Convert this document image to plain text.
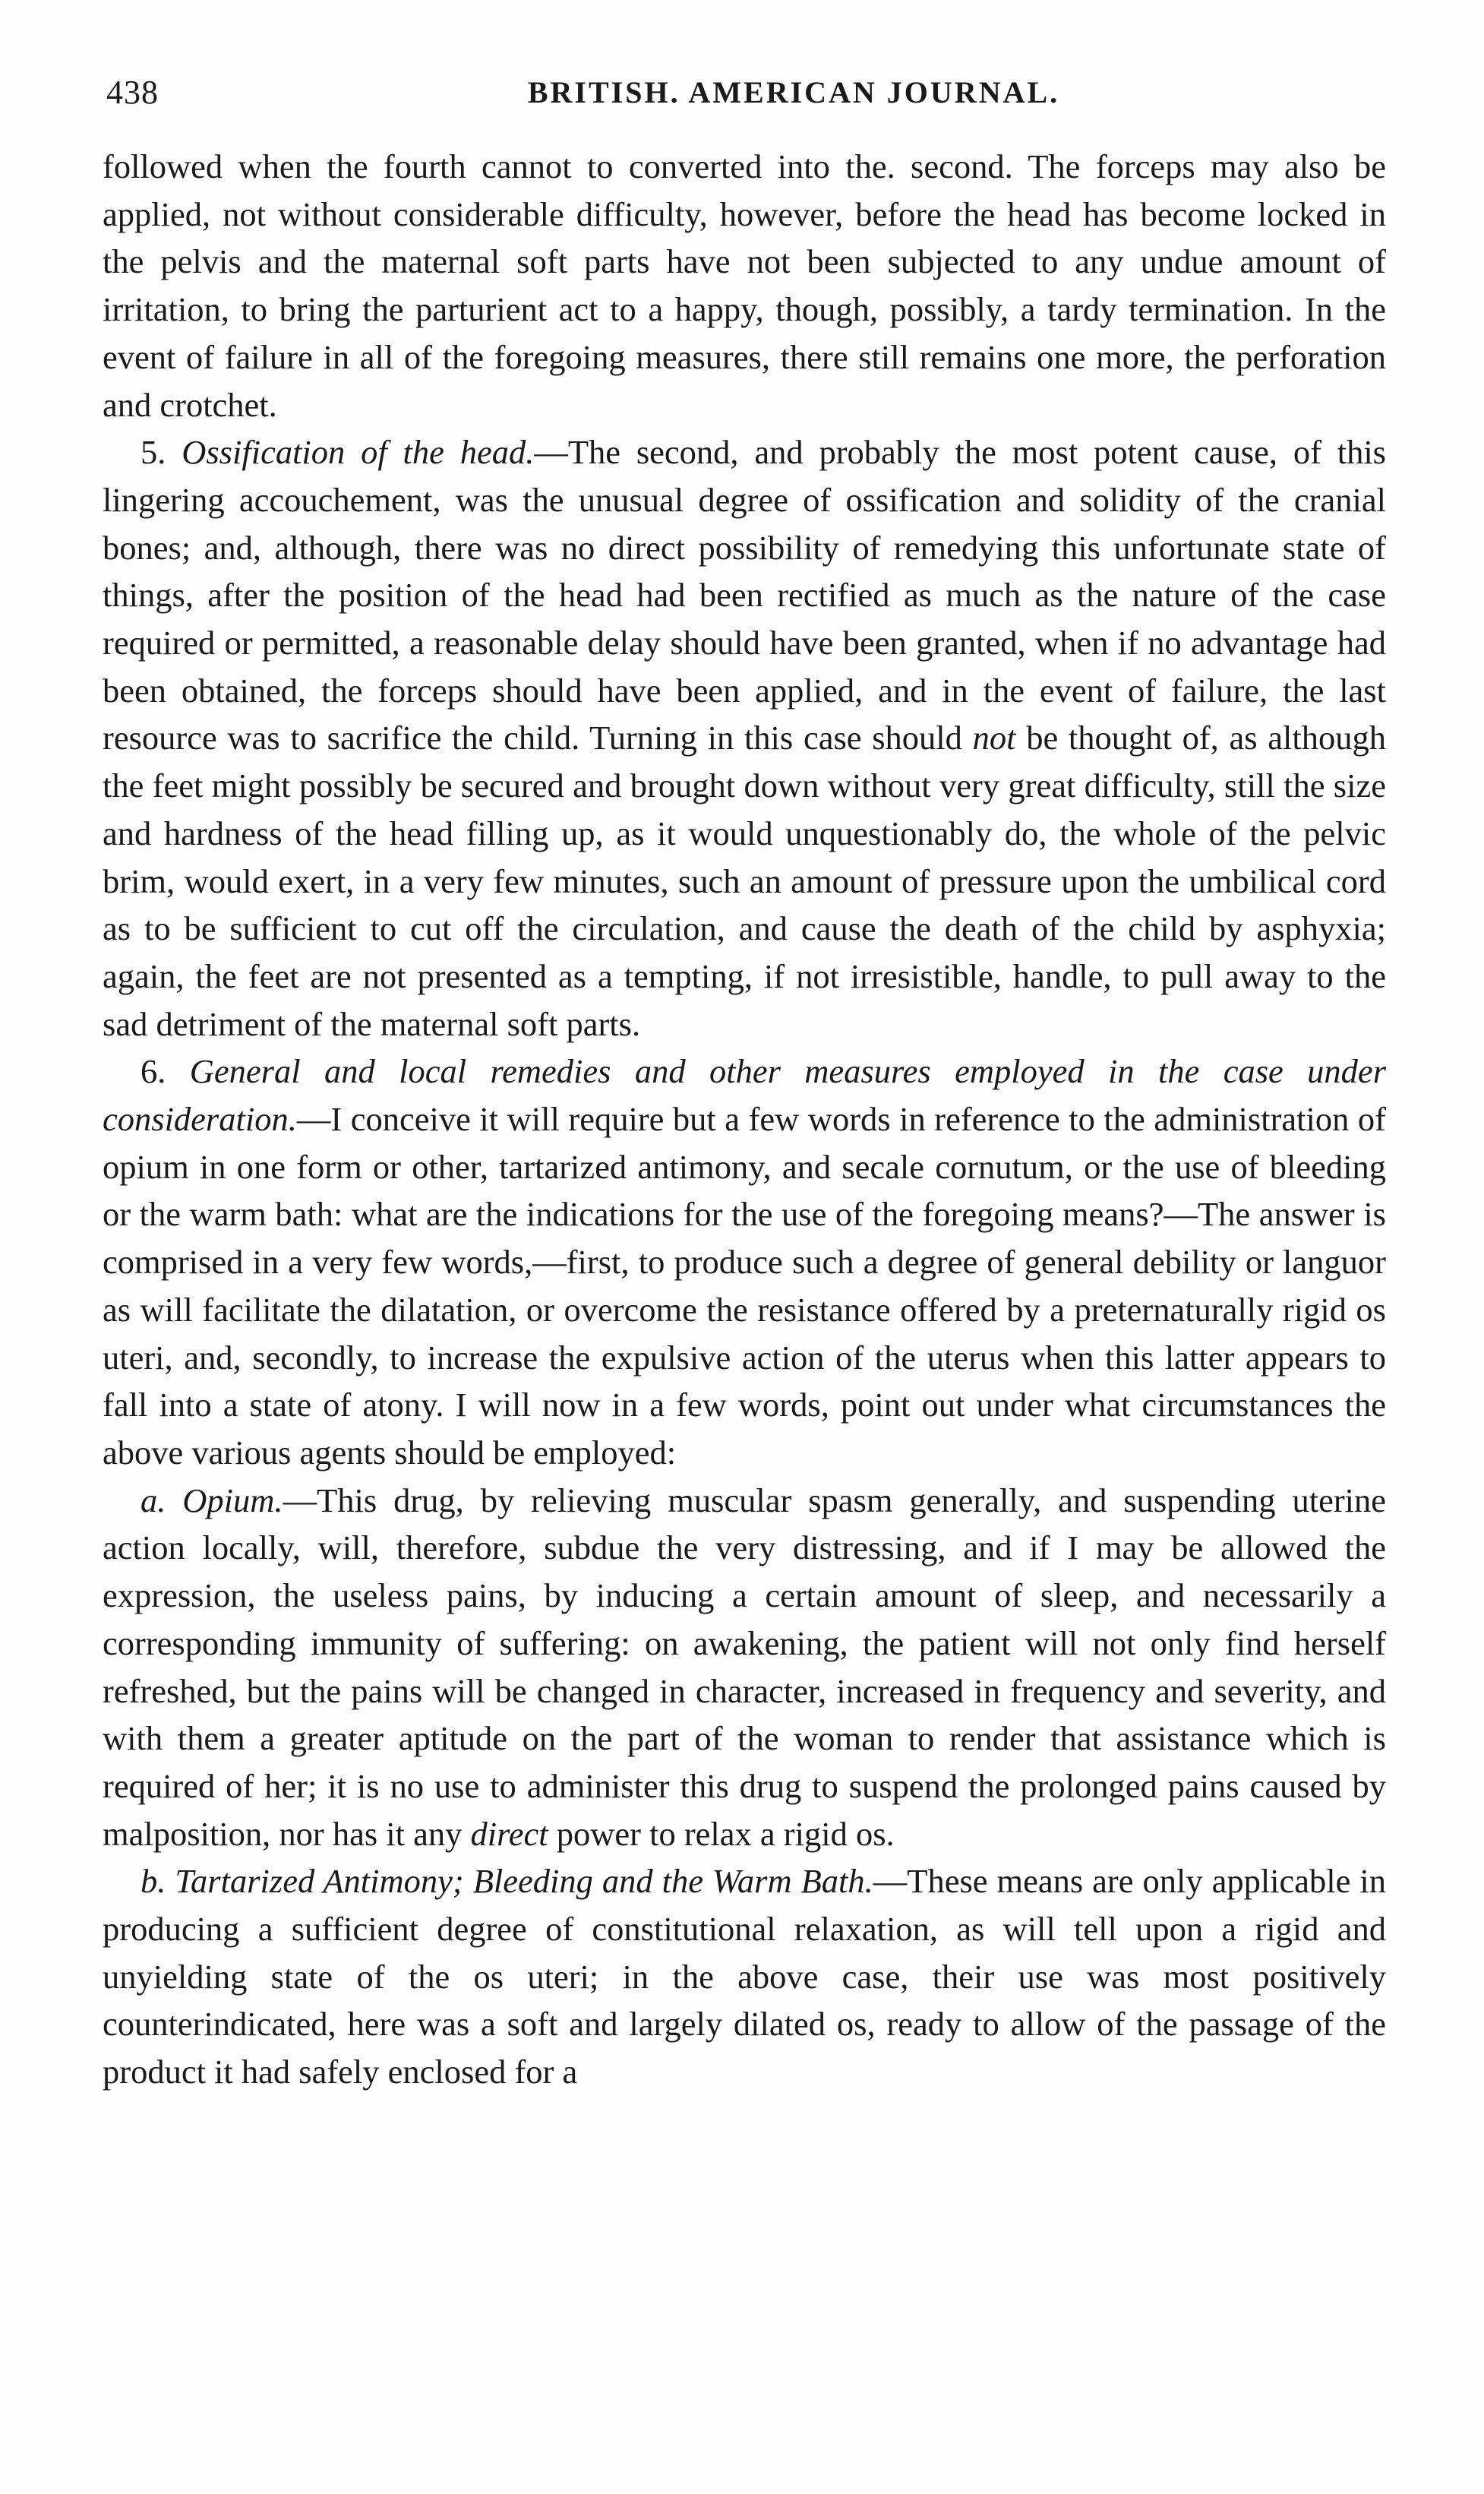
438	BRITISH. AMERICAN JOURNAL.

followed when the fourth cannot to converted into the. second. The forceps may also be applied, not without considerable difficulty, however, before the head has become locked in the pelvis and the maternal soft parts have not been subjected to any undue amount of irritation, to bring the parturient act to a happy, though, possibly, a tardy termination. In the event of failure in all of the foregoing measures, there still remains one more, the perforation and crotchet.

5. Ossification of the head.—The second, and probably the most potent cause, of this lingering accouchement, was the unusual degree of ossification and solidity of the cranial bones; and, although, there was no direct possibility of remedying this unfortunate state of things, after the position of the head had been rectified as much as the nature of the case required or permitted, a reasonable delay should have been granted, when if no advantage had been obtained, the forceps should have been applied, and in the event of failure, the last resource was to sacrifice the child. Turning in this case should not be thought of, as although the feet might possibly be secured and brought down without very great difficulty, still the size and hardness of the head filling up, as it would unquestionably do, the whole of the pelvic brim, would exert, in a very few minutes, such an amount of pressure upon the umbilical cord as to be sufficient to cut off the circulation, and cause the death of the child by asphyxia; again, the feet are not presented as a tempting, if not irresistible, handle, to pull away to the sad detriment of the maternal soft parts.

6. General and local remedies and other measures employed in the case under consideration.—I conceive it will require but a few words in reference to the administration of opium in one form or other, tartarized antimony, and secale cornutum, or the use of bleeding or the warm bath: what are the indications for the use of the foregoing means?—The answer is comprised in a very few words,—first, to produce such a degree of general debility or languor as will facilitate the dilatation, or overcome the resistance offered by a preternaturally rigid os uteri, and, secondly, to increase the expulsive action of the uterus when this latter appears to fall into a state of atony. I will now in a few words, point out under what circumstances the above various agents should be employed:

a. Opium.—This drug, by relieving muscular spasm generally, and suspending uterine action locally, will, therefore, subdue the very distressing, and if I may be allowed the expression, the useless pains, by inducing a certain amount of sleep, and necessarily a corresponding immunity of suffering: on awakening, the patient will not only find herself refreshed, but the pains will be changed in character, increased in frequency and severity, and with them a greater aptitude on the part of the woman to render that assistance which is required of her; it is no use to administer this drug to suspend the prolonged pains caused by malposition, nor has it any direct power to relax a rigid os.

b. Tartarized Antimony; Bleeding and the Warm Bath.—These means are only applicable in producing a sufficient degree of constitutional relaxation, as will tell upon a rigid and unyielding state of the os uteri; in the above case, their use was most positively counterindicated, here was a soft and largely dilated os, ready to allow of the passage of the product it had safely enclosed for a
